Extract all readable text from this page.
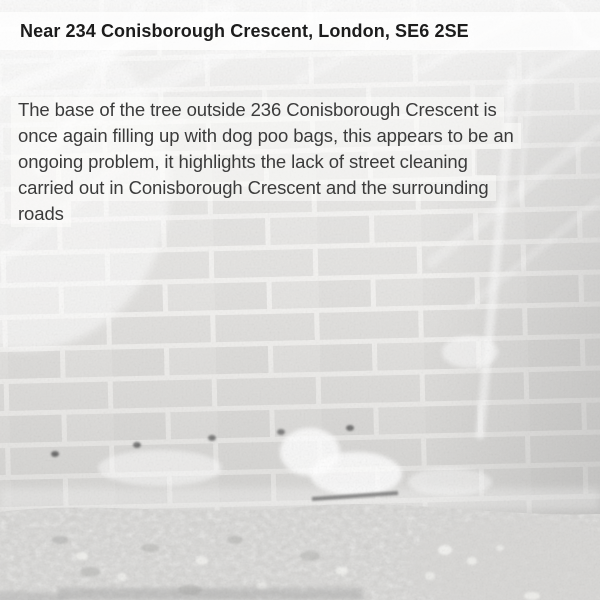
Near 234 Conisborough Crescent, London, SE6 2SE
The base of the tree outside 236 Conisborough Crescent is
once again filling up with dog poo bags, this appears to be an
ongoing problem, it highlights the lack of street cleaning
carried out in Conisborough Crescent and the surrounding
roads
